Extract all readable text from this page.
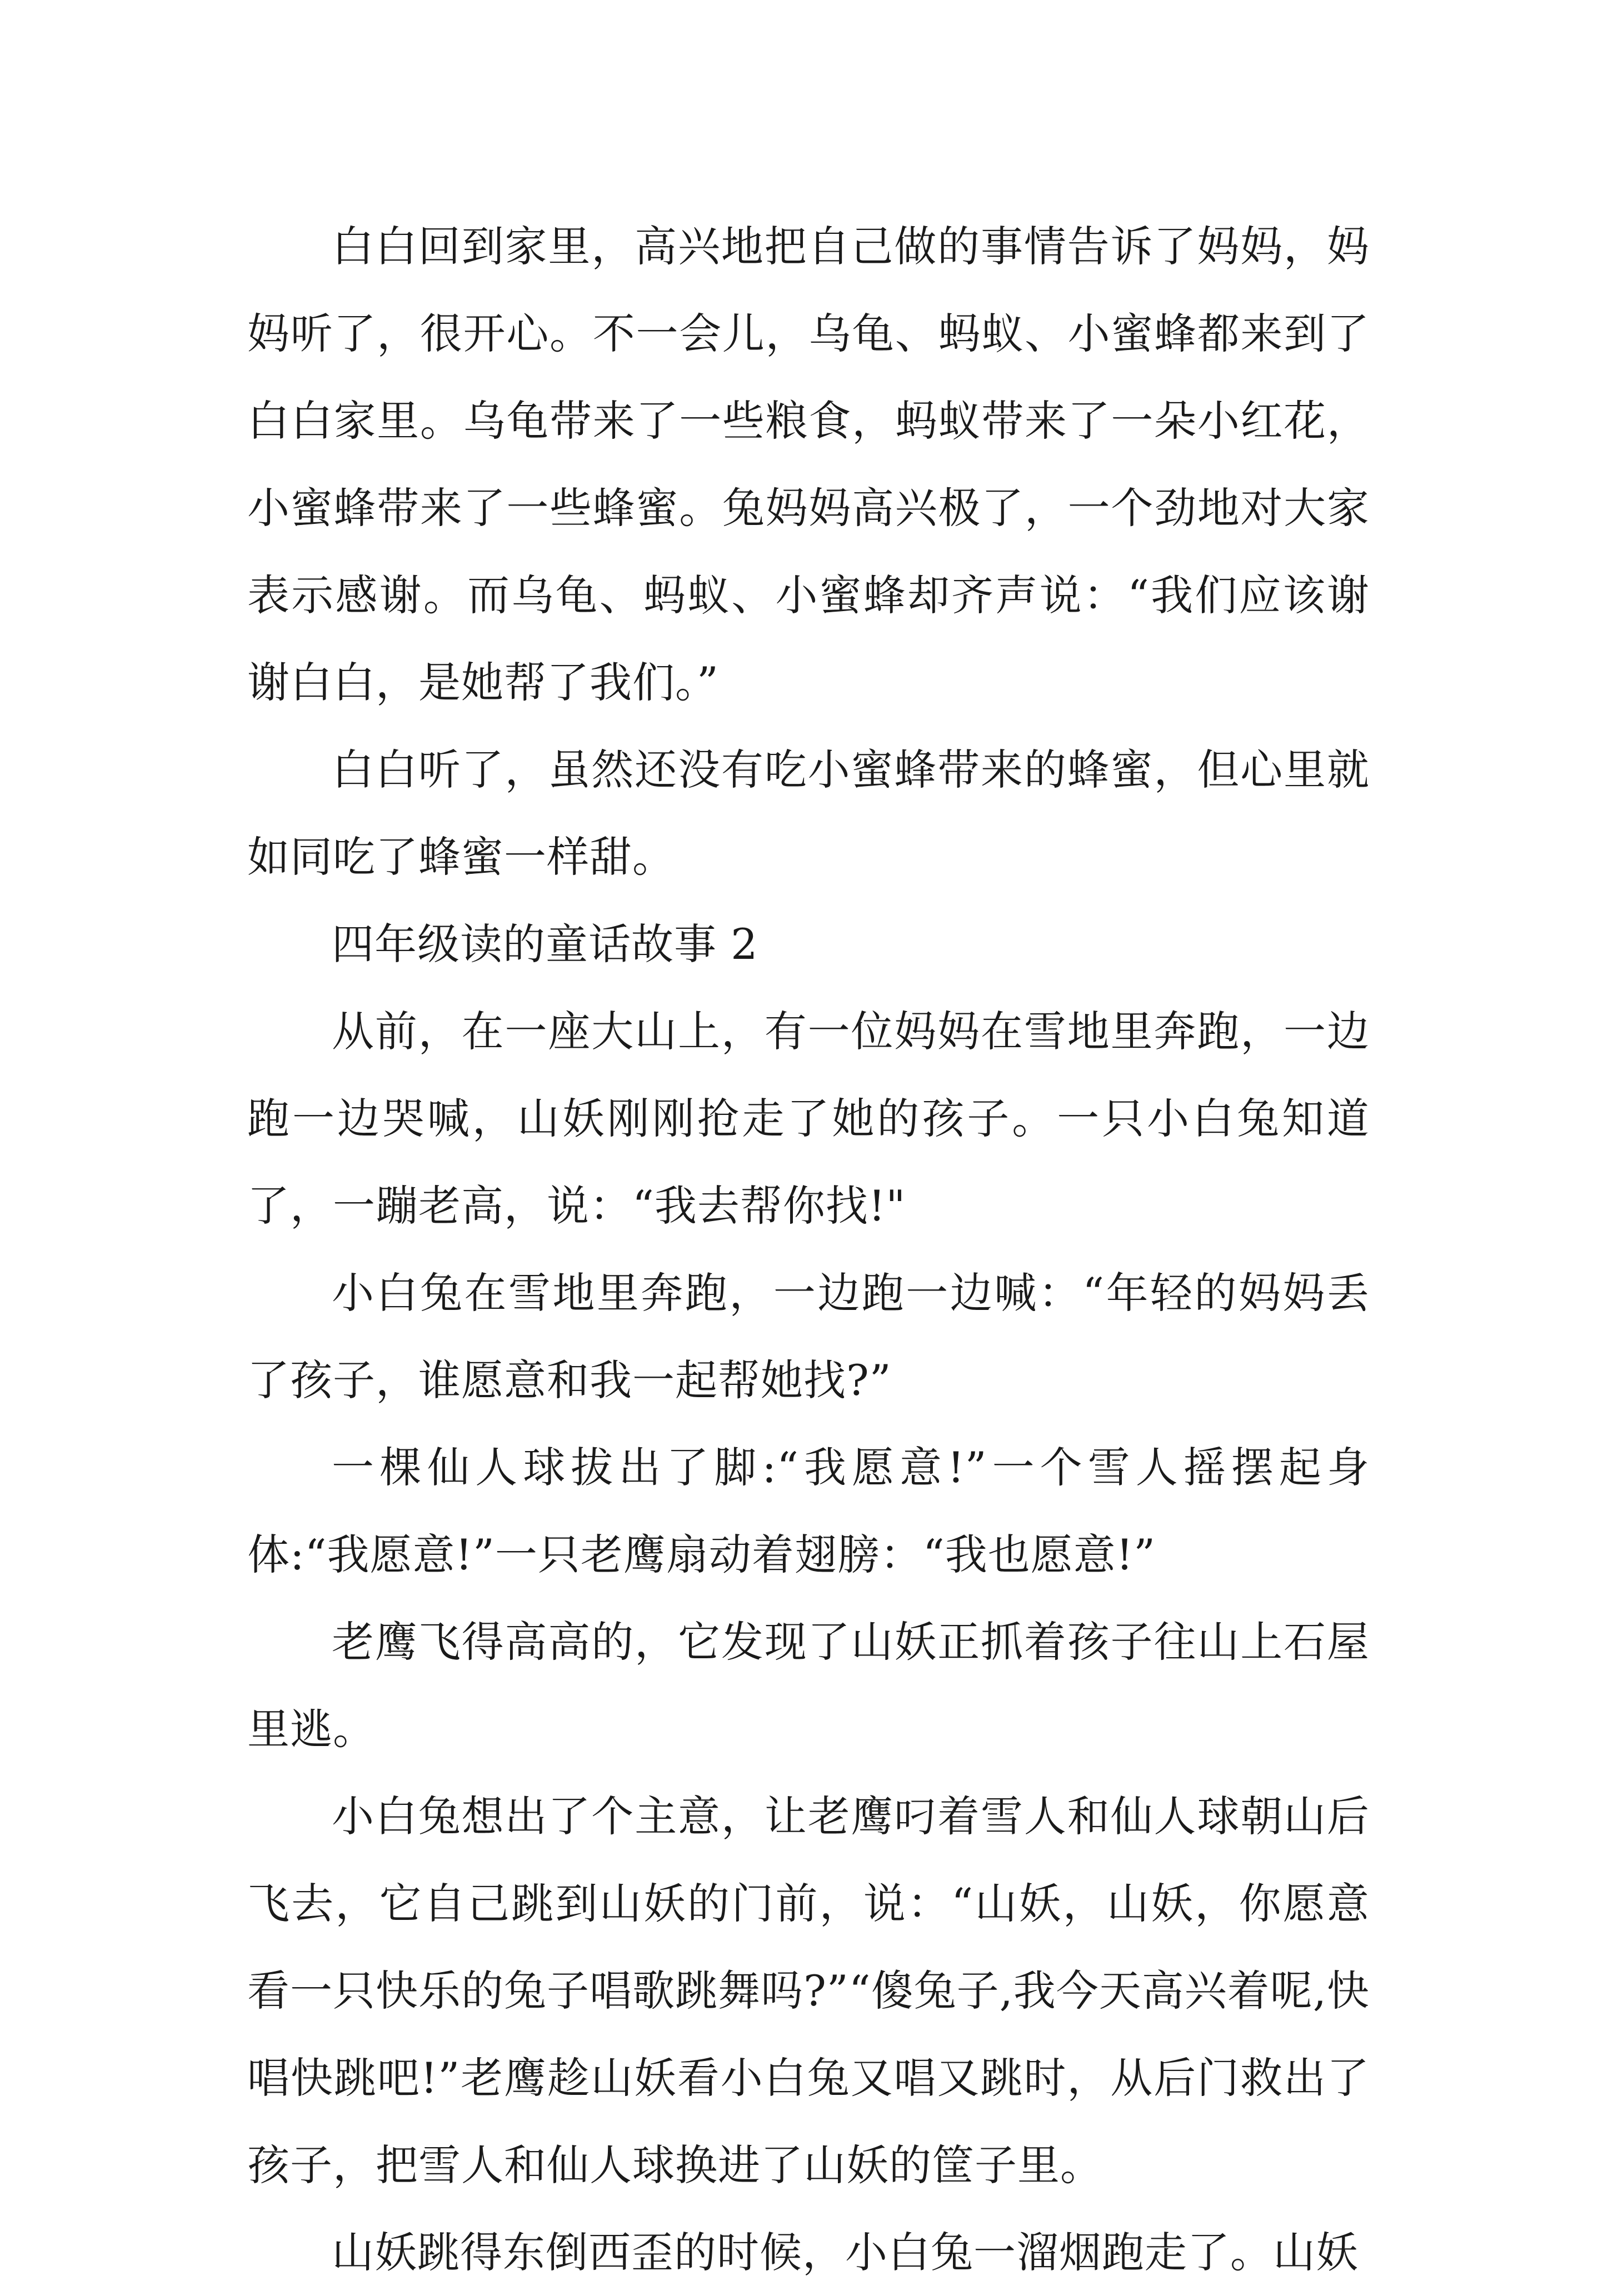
白白回到家里，高兴地把自己做的事情告诉了妈妈，妈妈听了，很开心。不一会儿，乌龟、蚂蚁、小蜜蜂都来到了白白家里。乌龟带来了一些粮食，蚂蚁带来了一朵小红花，小蜜蜂带来了一些蜂蜜。兔妈妈高兴极了，一个劲地对大家表示感谢。而乌龟、蚂蚁、小蜜蜂却齐声说：“我们应该谢谢白白，是她帮了我们。”

白白听了，虽然还没有吃小蜜蜂带来的蜂蜜，但心里就如同吃了蜂蜜一样甜。

四年级读的童话故事 2

从前，在一座大山上，有一位妈妈在雪地里奔跑，一边跑一边哭喊，山妖刚刚抢走了她的孩子。一只小白兔知道了，一蹦老高，说：“我去帮你找!"

小白兔在雪地里奔跑，一边跑一边喊：“年轻的妈妈丢了孩子，谁愿意和我一起帮她找?”

一棵仙人球拔出了脚:“我愿意!”一个雪人摇摆起身体:“我愿意!”一只老鹰扇动着翅膀：“我也愿意!”

老鹰飞得高高的，它发现了山妖正抓着孩子往山上石屋里逃。

小白兔想出了个主意，让老鹰叼着雪人和仙人球朝山后飞去，它自己跳到山妖的门前，说：“山妖，山妖，你愿意看一只快乐的兔子唱歌跳舞吗?”“傻兔子,我今天高兴着呢,快唱快跳吧!”老鹰趁山妖看小白兔又唱又跳时，从后门救出了孩子，把雪人和仙人球换进了山妖的筐子里。

山妖跳得东倒西歪的时候，小白兔一溜烟跑走了。山妖
